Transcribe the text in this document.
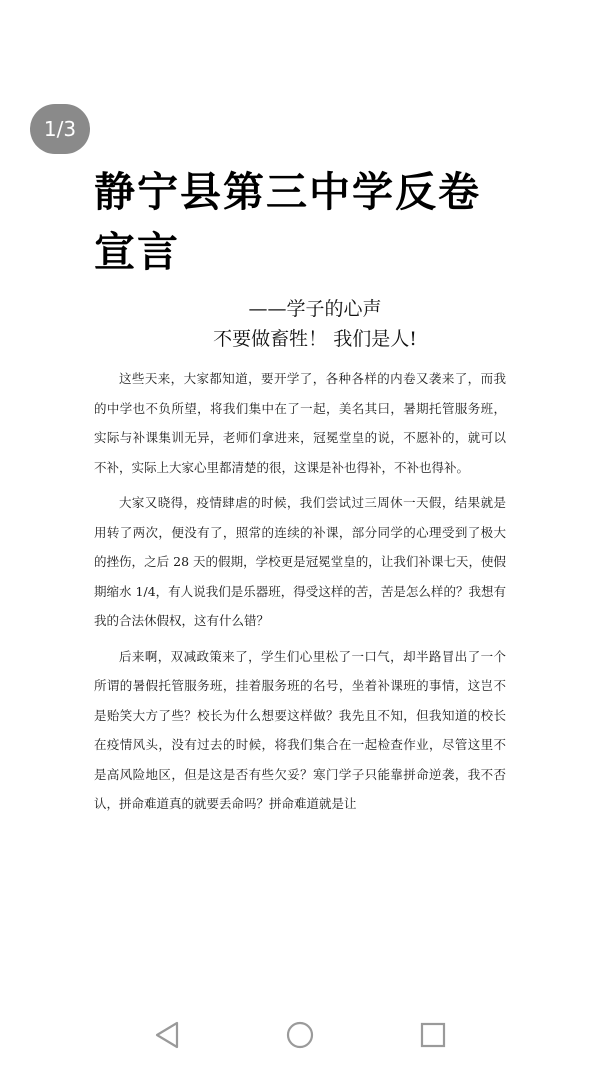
1/3
静宁县第三中学反卷宣言

——学子的心声

不要做畜牲！ 我们是人!

这些天来，大家都知道，要开学了，各种各样的内卷又袭来了，而我的中学也不负所望，将我们集中在了一起，美名其曰，暑期托管服务班，实际与补课集训无异，老师们拿进来，冠冕堂皇的说，不愿补的，就可以不补，实际上大家心里都清楚的很，这课是补也得补，不补也得补。

大家又晓得，疫情肆虐的时候，我们尝试过三周休一天假，结果就是用转了两次，便没有了，照常的连续的补课，部分同学的心理受到了极大的挫伤，之后 28 天的假期，学校更是冠冕堂皇的，让我们补课七天，使假期缩水 1/4，有人说我们是乐器班，得受这样的苦，苦是怎么样的？我想有我的合法休假权，这有什么错？

后来啊，双减政策来了，学生们心里松了一口气，却半路冒出了一个所谓的暑假托管服务班，挂着服务班的名号，坐着补课班的事情，这岂不是贻笑大方了些？校长为什么想要这样做？我先且不知，但我知道的校长在疫情风头，没有过去的时候，将我们集合在一起检查作业，尽管这里不是高风险地区，但是这是否有些欠妥？寒门学子只能靠拼命逆袭，我不否认，拼命难道真的就要丢命吗？拼命难道就是让
